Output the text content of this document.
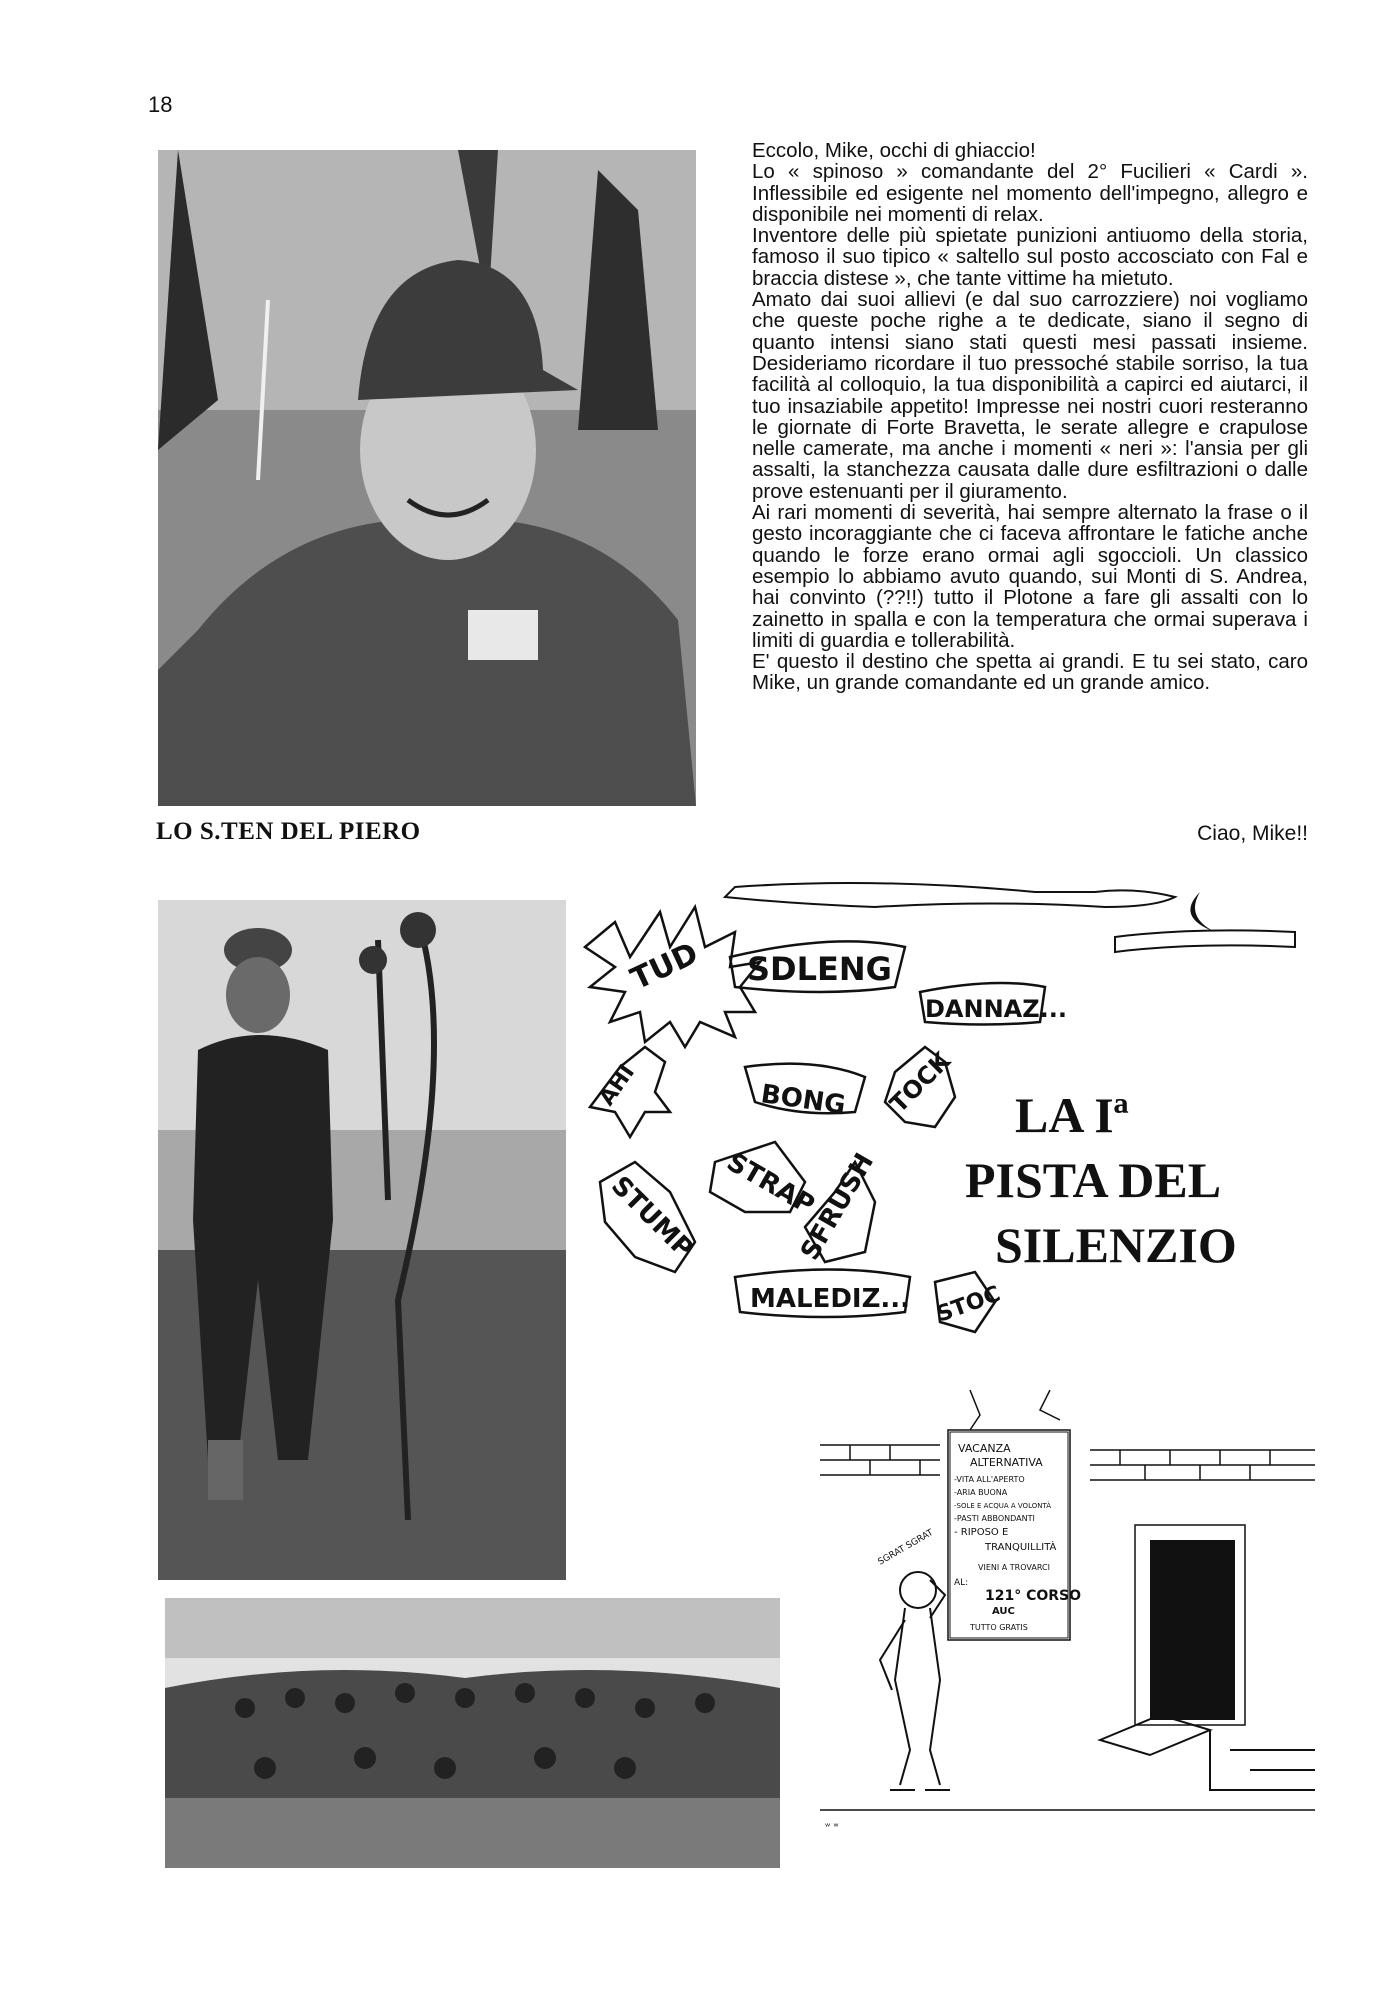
18
LO S.TEN DEL PIERO

Eccolo, Mike, occhi di ghiaccio!

Lo « spinoso » comandante del 2° Fucilieri « Cardi ». Inflessibile ed esigente nel momento dell'impegno, allegro e disponibile nei momenti di relax.

Inventore delle più spietate punizioni antiuomo della storia, famoso il suo tipico « saltello sul posto accosciato con Fal e braccia distese », che tante vittime ha mietuto.

Amato dai suoi allievi (e dal suo carrozziere) noi vogliamo che queste poche righe a te dedicate, siano il segno di quanto intensi siano stati questi mesi passati insieme. Desideriamo ricordare il tuo pressoché stabile sorriso, la tua facilità al colloquio, la tua disponibilità a capirci ed aiutarci, il tuo insaziabile appetito! Impresse nei nostri cuori resteranno le giornate di Forte Bravetta, le serate allegre e crapulose nelle camerate, ma anche i momenti « neri »: l'ansia per gli assalti, la stanchezza causata dalle dure esfiltrazioni o dalle prove estenuanti per il giuramento.

Ai rari momenti di severità, hai sempre alternato la frase o il gesto incoraggiante che ci faceva affrontare le fatiche anche quando le forze erano ormai agli sgoccioli. Un classico esempio lo abbiamo avuto quando, sui Monti di S. Andrea, hai convinto (??!!) tutto il Plotone a fare gli assalti con lo zainetto in spalla e con la temperatura che ormai superava i limiti di guardia e tollerabilità.

E' questo il destino che spetta ai grandi. E tu sei stato, caro Mike, un grande comandante ed un grande amico.

Ciao, Mike!!
TUD SDLENG
DANNAZ...
AHI	BONG TOCK
STRAP
SFRUSH
STUMP
MALEDIZ... STOC
LA Iª
PISTA DEL
SILENZIO
VACANZA
ALTERNATIVA
-VITA ALL'APERTO
-ARIA BUONA
-SOLE E ACQUA A VOLONTÀ
-PASTI ABBONDANTI
- RIPOSO E
TRANQUILLITÀ
VIENI A TROVARCI
AL:
121° CORSO
AUC
TUTTO GRATIS
SGRAT SGRAT
ʷ ʷ
